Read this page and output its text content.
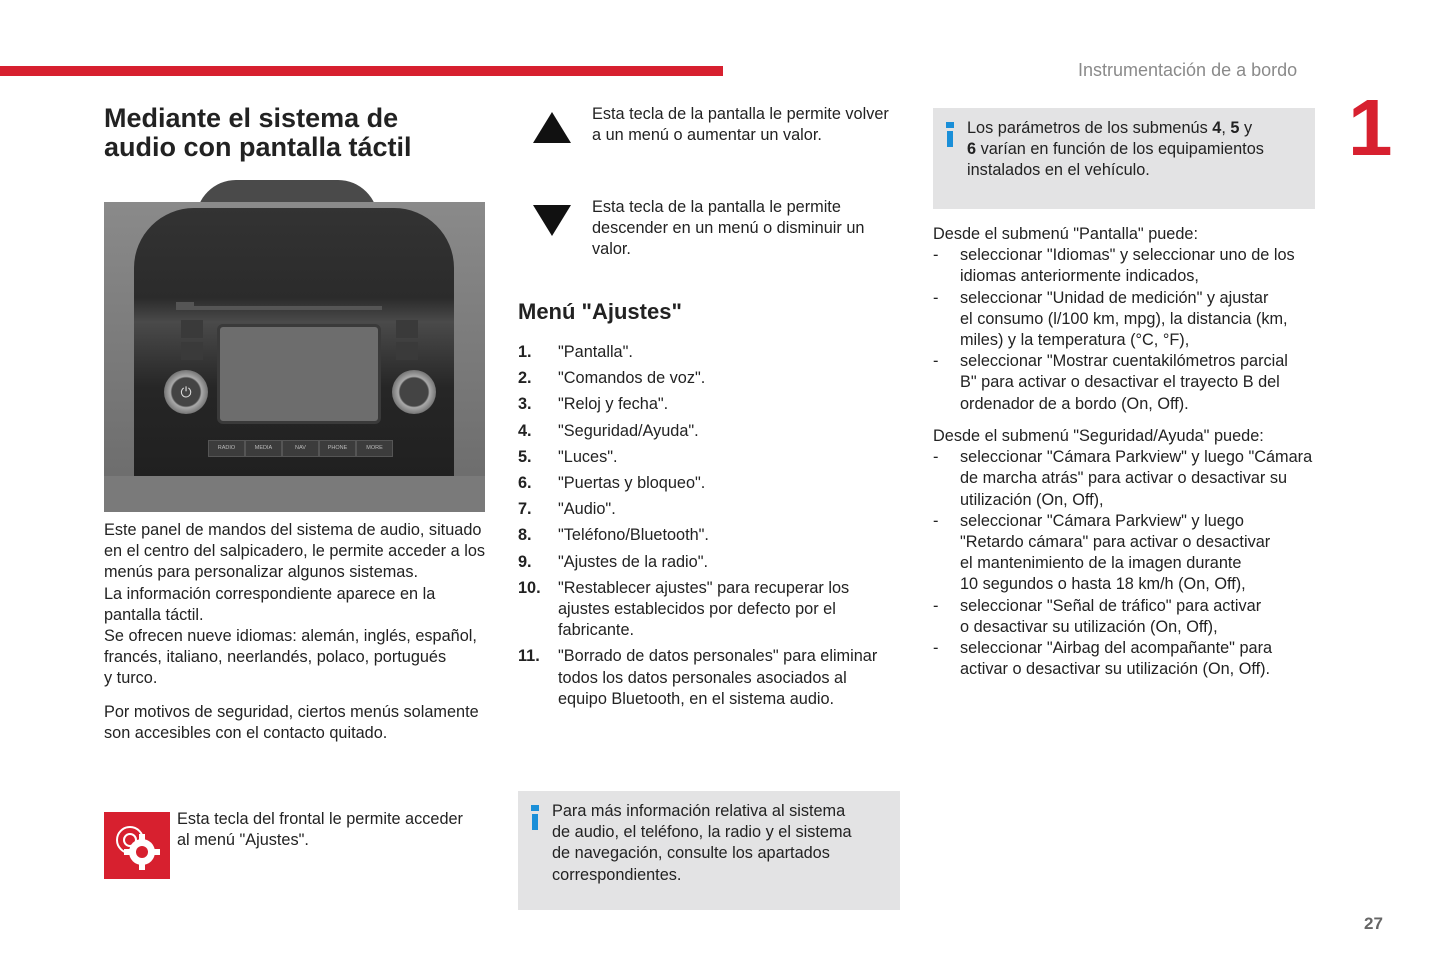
Instrumentación de a bordo
1
27
Mediante el sistema de
audio con pantalla táctil
⏻
RADIO	MEDIA	NAV	PHONE	MORE
Este panel de mandos del sistema de audio, situado
en el centro del salpicadero, le permite acceder a los
menús para personalizar algunos sistemas.
La información correspondiente aparece en la
pantalla táctil.
Se ofrecen nueve idiomas: alemán, inglés, español,
francés, italiano, neerlandés, polaco, portugués
y turco.
Por motivos de seguridad, ciertos menús solamente
son accesibles con el contacto quitado.
Esta tecla del frontal le permite acceder
al menú "Ajustes".
Esta tecla de la pantalla le permite volver
a un menú o aumentar un valor.
Esta tecla de la pantalla le permite
descender en un menú o disminuir un
valor.
Menú "Ajustes"
1.	"Pantalla".
2.	"Comandos de voz".
3.	"Reloj y fecha".
4.	"Seguridad/Ayuda".
5.	"Luces".
6.	"Puertas y bloqueo".
7.	"Audio".
8.	"Teléfono/Bluetooth".
9.	"Ajustes de la radio".
10.	"Restablecer ajustes" para recuperar los ajustes establecidos por defecto por el fabricante.
11.	"Borrado de datos personales" para eliminar todos los datos personales asociados al equipo Bluetooth, en el sistema audio.
Para más información relativa al sistema
de audio, el teléfono, la radio y el sistema
de navegación, consulte los apartados
correspondientes.
Los parámetros de los submenús 4, 5 y
6 varían en función de los equipamientos
instalados en el vehículo.
Desde el submenú "Pantalla" puede:
-	seleccionar "Idiomas" y seleccionar uno de los
idiomas anteriormente indicados,
-	seleccionar "Unidad de medición" y ajustar
el consumo (l/100 km, mpg), la distancia (km,
miles) y la temperatura (°C, °F),
-	seleccionar "Mostrar cuentakilómetros parcial
B" para activar o desactivar el trayecto B del
ordenador de a bordo (On, Off).
Desde el submenú "Seguridad/Ayuda" puede:
-	seleccionar "Cámara Parkview" y luego "Cámara
de marcha atrás" para activar o desactivar su
utilización (On, Off),
-	seleccionar "Cámara Parkview" y luego
"Retardo cámara" para activar o desactivar
el mantenimiento de la imagen durante
10 segundos o hasta 18 km/h (On, Off),
-	seleccionar "Señal de tráfico" para activar
o desactivar su utilización (On, Off),
-	seleccionar "Airbag del acompañante" para
activar o desactivar su utilización (On, Off).
